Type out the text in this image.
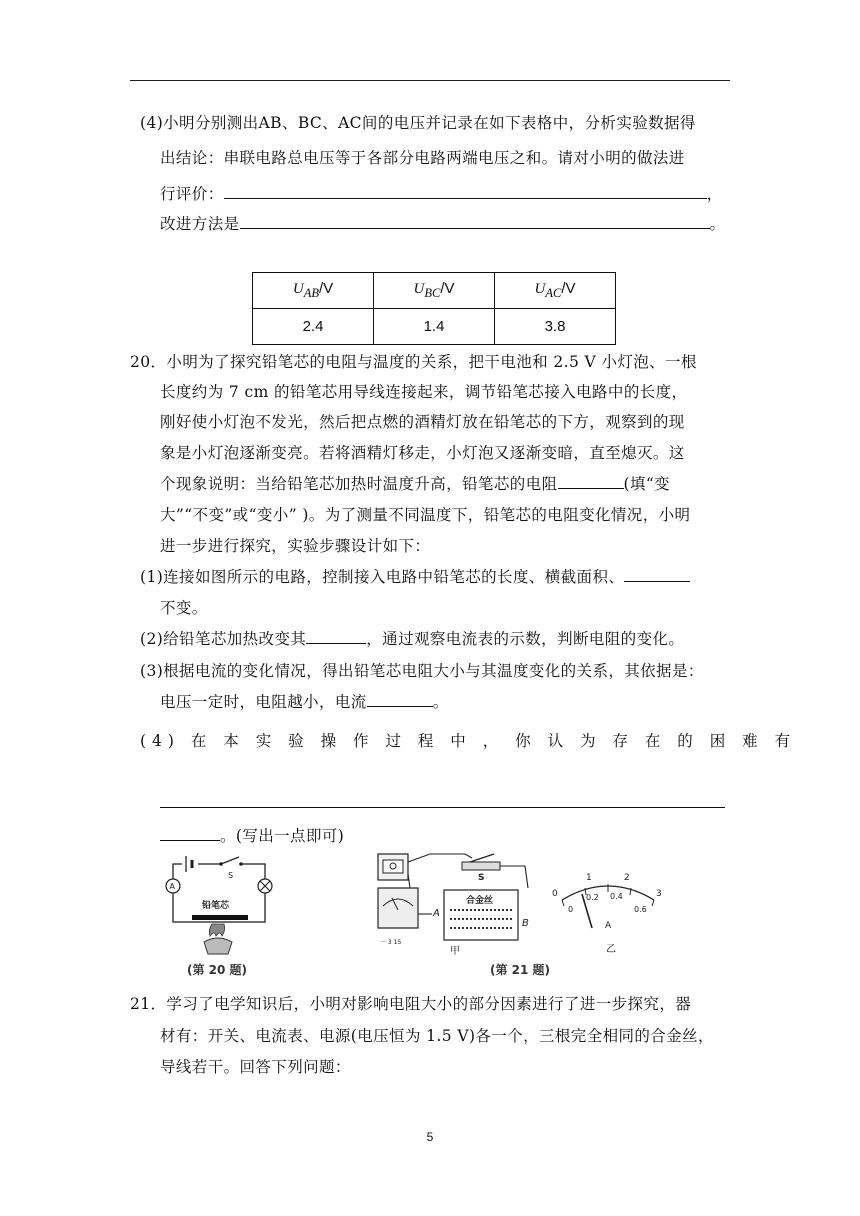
(4)小明分别测出AB、BC、AC间的电压并记录在如下表格中，分析实验数据得
出结论：串联电路总电压等于各部分电路两端电压之和。请对小明的做法进
行评价：	，
改进方法是	。
$U_{AB}/V$	$U_{BC}/V$	$U_{AC}/V$
2.4	1.4	3.8
20．小明为了探究铅笔芯的电阻与温度的关系，把干电池和 2.5 V 小灯泡、一根
长度约为 7 cm 的铅笔芯用导线连接起来，调节铅笔芯接入电路中的长度，
刚好使小灯泡不发光，然后把点燃的酒精灯放在铅笔芯的下方，观察到的现
象是小灯泡逐渐变亮。若将酒精灯移走，小灯泡又逐渐变暗，直至熄灭。这
个现象说明：当给铅笔芯加热时温度升高，铅笔芯的电阻	(填“变
大”“不变”或“变小” )。为了测量不同温度下，铅笔芯的电阻变化情况，小明
进一步进行探究，实验步骤设计如下：
(1)连接如图所示的电路，控制接入电路中铅笔芯的长度、横截面积、
不变。
(2)给铅笔芯加热改变其	，通过观察电流表的示数，判断电阻的变化。
(3)根据电流的变化情况，得出铅笔芯电阻大小与其温度变化的关系，其依据是：
电压一定时，电阻越小，电流	。
(4) 在 本 实 验 操 作 过 程 中 ， 你 认 为 存 在 的 困 难 有
。(写出一点即可)
S
A
铅笔芯
(第 20 题)
S
－ 3 15
A
合金丝
B
甲
0
1	2
3
0
0.2 0.4
0.6
A
乙
(第 21 题)
21．学习了电学知识后，小明对影响电阻大小的部分因素进行了进一步探究，器
材有：开关、电流表、电源(电压恒为 1.5 V)各一个，三根完全相同的合金丝，
导线若干。回答下列问题：
5
